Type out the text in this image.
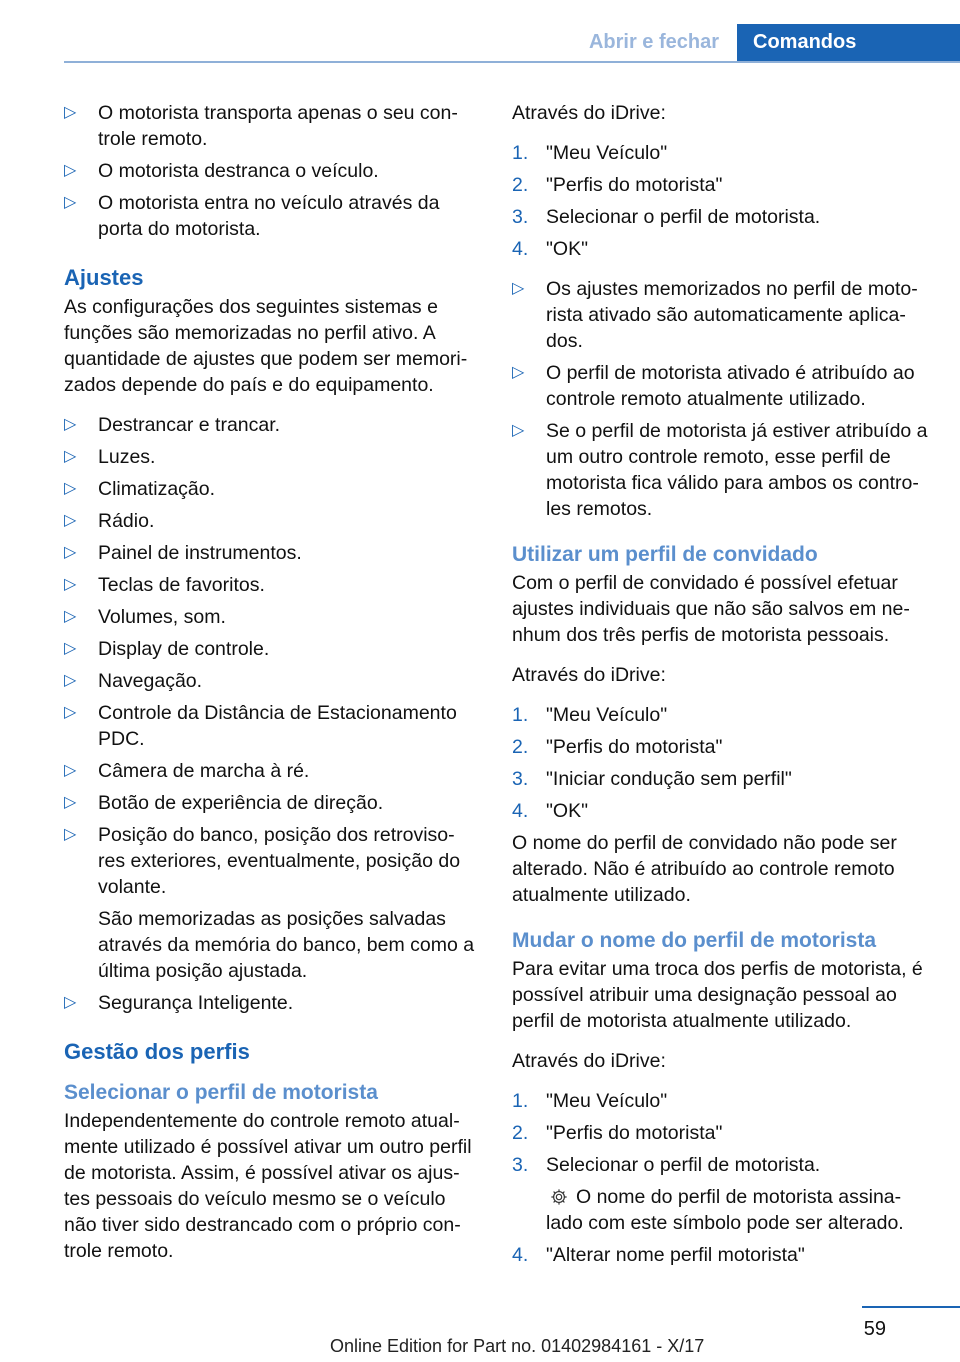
Abrir e fechar	Comandos
▷ O motorista transporta apenas o seu con‐ trole remoto.
▷ O motorista destranca o veículo.
▷ O motorista entra no veículo através da porta do motorista.
Ajustes

As configurações dos seguintes sistemas e funções são memorizadas no perfil ativo. A quantidade de ajustes que podem ser memori‐ zados depende do país e do equipamento.

▷ Destrancar e trancar.
▷ Luzes.
▷ Climatização.
▷ Rádio.
▷ Painel de instrumentos.
▷ Teclas de favoritos.
▷ Volumes, som.
▷ Display de controle.
▷ Navegação.
▷ Controle da Distância de Estacionamento PDC.
▷ Câmera de marcha à ré.
▷ Botão de experiência de direção.
▷ Posição do banco, posição dos retroviso‐ res exteriores, eventualmente, posição do volante.
São memorizadas as posições salvadas através da memória do banco, bem como a última posição ajustada.
▷ Segurança Inteligente.
Gestão dos perfis
Selecionar o perfil de motorista

Independentemente do controle remoto atual‐ mente utilizado é possível ativar um outro perfil de motorista. Assim, é possível ativar os ajus‐ tes pessoais do veículo mesmo se o veículo não tiver sido destrancado com o próprio con‐ trole remoto.

Através do iDrive:

1. "Meu Veículo"
2. "Perfis do motorista"
3. Selecionar o perfil de motorista.
4. "OK"
▷ Os ajustes memorizados no perfil de moto‐ rista ativado são automaticamente aplica‐ dos.
▷ O perfil de motorista ativado é atribuído ao controle remoto atualmente utilizado.
▷ Se o perfil de motorista já estiver atribuído a um outro controle remoto, esse perfil de motorista fica válido para ambos os contro‐ les remotos.
Utilizar um perfil de convidado

Com o perfil de convidado é possível efetuar ajustes individuais que não são salvos em ne‐ nhum dos três perfis de motorista pessoais.

Através do iDrive:

1. "Meu Veículo"
2. "Perfis do motorista"
3. "Iniciar condução sem perfil"
4. "OK"

O nome do perfil de convidado não pode ser alterado. Não é atribuído ao controle remoto atualmente utilizado.

Mudar o nome do perfil de motorista

Para evitar uma troca dos perfis de motorista, é possível atribuir uma designação pessoal ao perfil de motorista atualmente utilizado.

Através do iDrive:

1. "Meu Veículo"
2. "Perfis do motorista"
3. Selecionar o perfil de motorista.
O nome do perfil de motorista assina‐ lado com este símbolo pode ser alterado.
4. "Alterar nome perfil motorista"
59
Online Edition for Part no. 01402984161 - X/17
